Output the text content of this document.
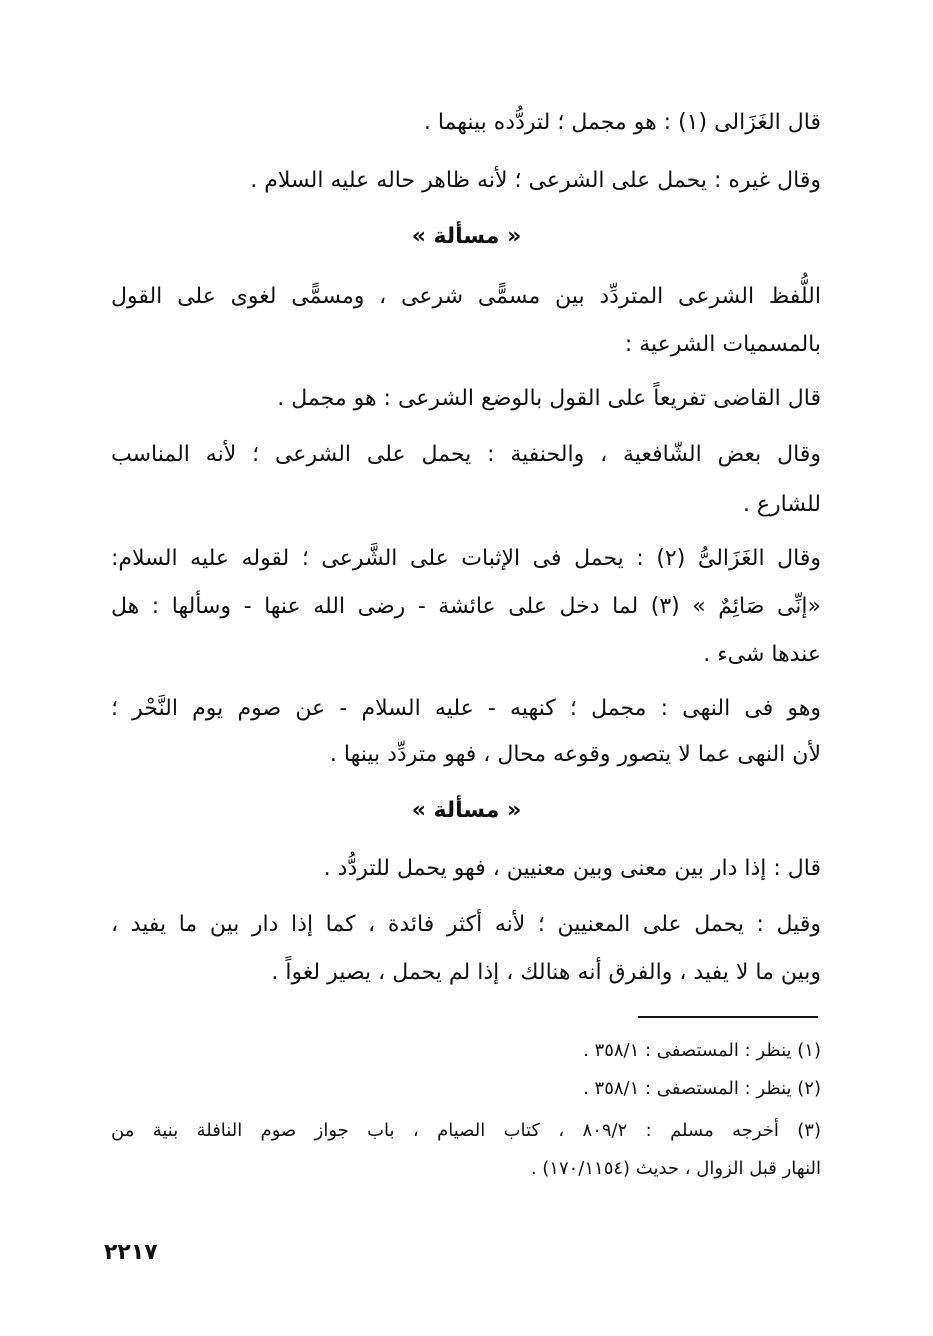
قال الغَزَالى (١) : هو مجمل ؛ لتردُّده بينهما .
وقال غيره : يحمل على الشرعى ؛ لأنه ظاهر حاله عليه السلام .
« مسألة »
اللُّفظ الشرعى المتردِّد بين مسمًّى شرعى ، ومسمًّى لغوى على القول
بالمسميات الشرعية :
قال القاضى تفريعاً على القول بالوضع الشرعى : هو مجمل .
وقال بعض الشّافعية ، والحنفية : يحمل على الشرعى ؛ لأنه المناسب
للشارع .
وقال الغَزَالىُّ (٢) : يحمل فى الإثبات على الشَّرعى ؛ لقوله عليه السلام:
«إنِّى صَائِمٌ » (٣) لما دخل على عائشة - رضى الله عنها - وسألها : هل
عندها شىء .
وهو فى النهى : مجمل ؛ كنهيه - عليه السلام - عن صوم يوم النَّحْر ؛
لأن النهى عما لا يتصور وقوعه محال ، فهو متردِّد بينها .
« مسألة »
قال : إذا دار بين معنى وبين معنيين ، فهو يحمل للتردُّد .
وقيل : يحمل على المعنيين ؛ لأنه أكثر فائدة ، كما إذا دار بين ما يفيد ،
وبين ما لا يفيد ، والفرق أنه هنالك ، إذا لم يحمل ، يصير لغواً .
(١) ينظر : المستصفى : ٣٥٨/١ .
(٢) ينظر : المستصفى : ٣٥٨/١ .
(٣) أخرجه مسلم : ٨٠٩/٢ ، كتاب الصيام ، باب جواز صوم النافلة بنية من
النهار قبل الزوال ، حديث (١٧٠/١١٥٤) .
٢٢١٧
